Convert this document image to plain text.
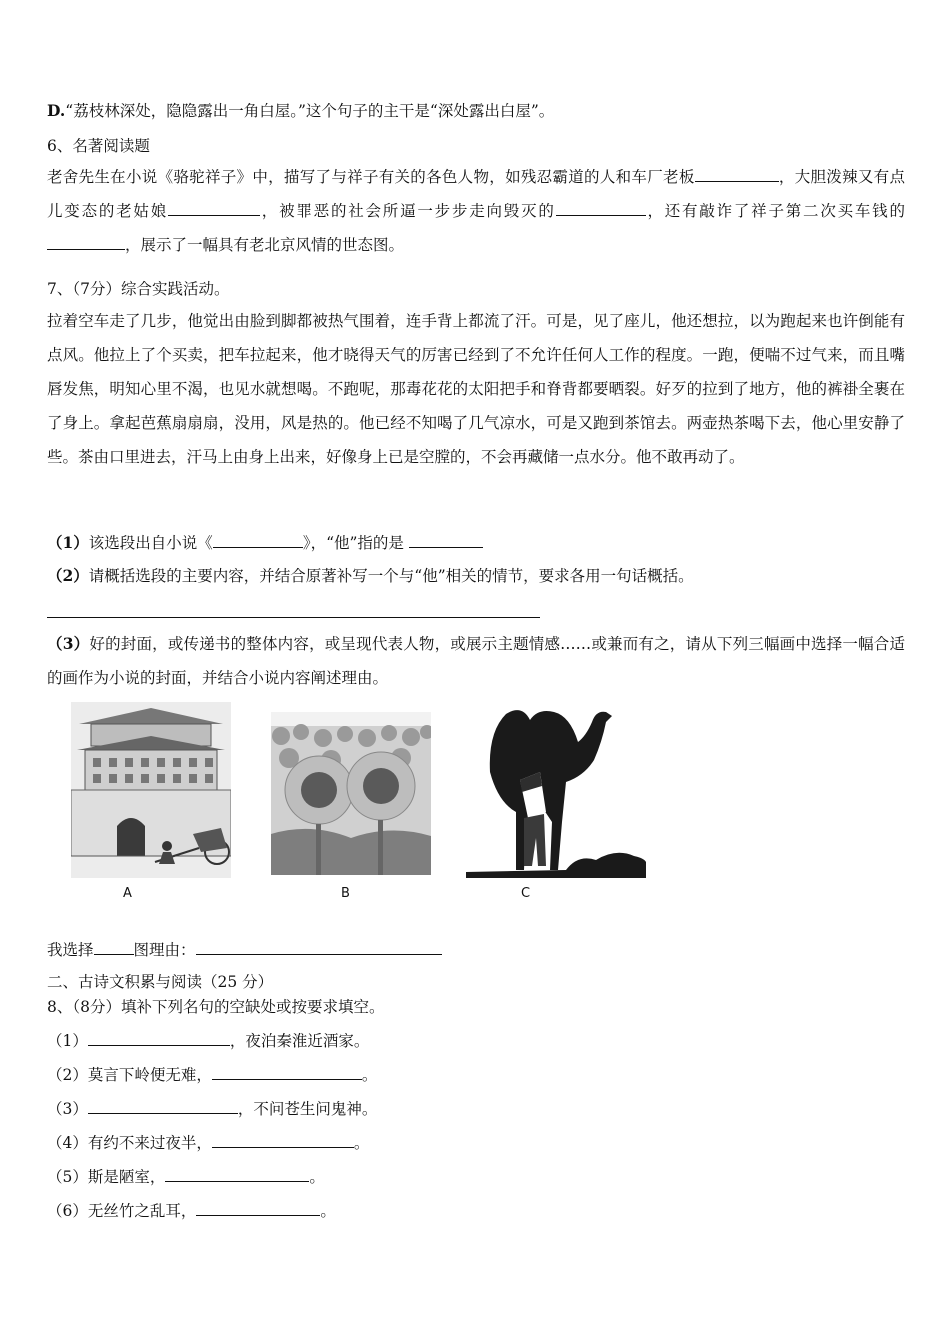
D.“荔枝林深处，隐隐露出一角白屋。”这个句子的主干是“深处露出白屋”。
6、名著阅读题
老舍先生在小说《骆驼祥子》中，描写了与祥子有关的各色人物，如残忍霸道的人和车厂老板	，大胆泼辣又有点儿变态的老姑娘	，被罪恶的社会所逼一步步走向毁灭的	，还有敲诈了祥子第二次买车钱的，展示了一幅具有老北京风情的世态图。
7、（7分）综合实践活动。
拉着空车走了几步，他觉出由脸到脚都被热气围着，连手背上都流了汗。可是，见了座儿，他还想拉，以为跑起来也许倒能有点风。他拉上了个买卖，把车拉起来，他才晓得天气的厉害已经到了不允许任何人工作的程度。一跑，便喘不过气来，而且嘴唇发焦，明知心里不渴，也见水就想喝。不跑呢，那毒花花的太阳把手和脊背都要晒裂。好歹的拉到了地方，他的裤褂全裹在了身上。拿起芭蕉扇扇扇，没用，风是热的。他已经不知喝了几气凉水，可是又跑到茶馆去。两壶热茶喝下去，他心里安静了些。茶由口里进去，汗马上由身上出来，好像身上已是空膛的，不会再藏储一点水分。他不敢再动了。
（1）该选段出自小说《	》，“他”指的是
（2）请概括选段的主要内容，并结合原著补写一个与“他”相关的情节，要求各用一句话概括。
（3）好的封面，或传递书的整体内容，或呈现代表人物，或展示主题情感……或兼而有之，请从下列三幅画中选择一幅合适的画作为小说的封面，并结合小说内容阐述理由。
A	B	C
我选择	图理由：
二、古诗文积累与阅读（25 分）
8、（8分）填补下列名句的空缺处或按要求填空。
（1）	，夜泊秦淮近酒家。
（2）莫言下岭便无难，	。
（3）	，不问苍生问鬼神。
（4）有约不来过夜半，	。
（5）斯是陋室，	。
（6）无丝竹之乱耳，	。
